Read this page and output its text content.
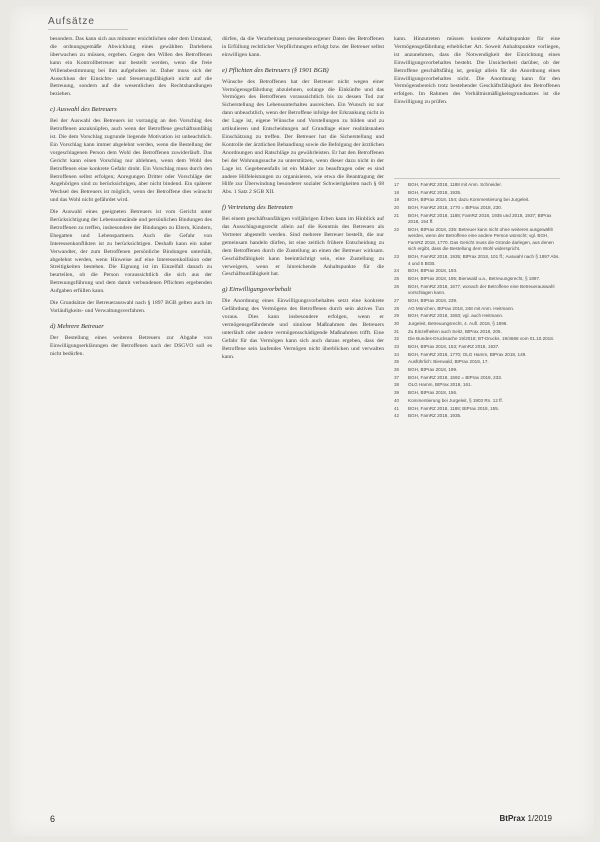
Aufsätze

besonders. Das kann sich aus mitunter ersichtlichen oder dem Umstand, die ordnungsgemäße Abwicklung eines gewählten Darlehens überwachen zu müssen, ergeben. Gegen den Willen des Betroffenen kann ein Kontrollbetreuer nur bestellt werden, wenn die freie Willensbestimmung bei ihm aufgehoben ist. Daher muss sich der Ausschluss der Einsichts- und Steuerungsfähigkeit nicht auf die Betreuung, sondern auf die wesentlichen des Rechtshandlungen beziehen.

c) Auswahl des Betreuers

Bei der Auswahl des Betreuers ist vorrangig an den Vorschlag des Betroffenen anzuknüpfen, auch wenn der Betroffene geschäftsunfähig ist. Die dem Vorschlag zugrunde liegende Motivation ist unbeachtlich. Ein Vorschlag kann immer abgelehnt werden, wenn die Bestellung der vorgeschlagenen Person dem Wohl des Betroffenen zuwiderläuft. Das Gericht kann einen Vorschlag nur ablehnen, wenn dem Wohl des Betroffenen eine konkrete Gefahr droht. Ein Vorschlag muss durch den Betroffenen selbst erfolgen; Anregungen Dritter oder Vorschläge der Angehörigen sind zu berücksichtigen, aber nicht bindend. Ein späterer Wechsel des Betreuers ist möglich, wenn der Betroffene dies wünscht und das Wohl nicht gefährdet wird.

Die Auswahl eines geeigneten Betreuers ist vom Gericht unter Berücksichtigung der Lebensumstände und persönlichen Bindungen des Betroffenen zu treffen, insbesondere der Bindungen zu Eltern, Kindern, Ehegatten und Lebenspartnern. Auch die Gefahr von Interessenkonflikten ist zu berücksichtigen. Deshalb kann ein naher Verwandter, der zum Betroffenen persönliche Bindungen unterhält, abgelehnt werden, wenn Hinweise auf eine Interessenkollision oder Streitigkeiten bestehen. Die Eignung ist im Einzelfall danach zu beurteilen, ob die Person voraussichtlich die sich aus der Betreuungsführung und dem damit verbundenen Pflichten ergebenden Aufgaben erfüllen kann.

Die Grundsätze der Betreuerauswahl nach § 1897 BGB gelten auch im Vorläufigkeits- und Verwaltungsverfahren.

d) Mehrere Betreuer

Der Bestellung eines weiteren Betreuers zur Abgabe von Einwilligungserklärungen der Betroffenen nach der DSGVO soll es nicht bedürfen.

dürfen, da die Verarbeitung personenbezogener Daten des Betroffenen in Erfüllung rechtlicher Verpflichtungen erfolgt bzw. der Betreuer selbst einwilligen kann.

e) Pflichten des Betreuers (§ 1901 BGB)

Wünsche des Betroffenen hat der Betreuer nicht wegen einer Vermögensgefährdung abzulehnen, solange die Einkünfte und das Vermögen des Betroffenen voraussichtlich bis zu dessen Tod zur Sicherstellung des Lebensunterhaltes ausreichen. Ein Wunsch ist nur dann unbeachtlich, wenn der Betroffene infolge der Erkrankung nicht in der Lage ist, eigene Wünsche und Vorstellungen zu bilden und zu artikulieren und Entscheidungen auf Grundlage einer realitätsnahen Einschätzung zu treffen. Der Betreuer hat die Sicherstellung und Kontrolle der ärztlichen Behandlung sowie die Befolgung der ärztlichen Anordnungen und Ratschläge zu gewährleisten. Er hat den Betroffenen bei der Wohnungssuche zu unterstützen, wenn dieser dazu nicht in der Lage ist. Gegebenenfalls ist ein Makler zu beauftragen oder es sind andere Hilfeleistungen zu organisieren, wie etwa die Beantragung der Hilfe zur Überwindung besonderer sozialer Schwierigkeiten nach § 68 Abs. 1 Satz 2 SGB XII.

f) Vertretung des Betreuten

Bei einem geschäftsunfähigen volljährigen Erben kann im Hinblick auf das Ausschlagungsrecht allein auf die Kenntnis des Betreuers als Vertreter abgestellt werden. Sind mehrere Betreuer bestellt, die nur gemeinsam handeln dürfen, ist eine zeitlich frühere Entscheidung zu dem Betroffenen durch die Zustellung an einen der Betreuer wirksam. Geschäftsfähigkeit kann beeinträchtigt sein, eine Zustellung zu verweigern, wenn er hinreichende Anhaltspunkte für die Geschäftsunfähigkeit hat.

g) Einwilligungsvorbehalt

Die Anordnung eines Einwilligungsvorbehaltes setzt eine konkrete Gefährdung des Vermögens des Betroffenen durch sein aktives Tun voraus. Dies kann insbesondere erfolgen, wenn er vermögensgefährdende und sinnlose Maßnahmen des Betreuers unterläuft oder andere vermögensschädigende Maßnahmen trifft. Eine Gefahr für das Vermögen kann sich auch daraus ergeben, dass der Betroffene sein laufendes Vermögen nicht überblicken und verwalten kann.

kann. Hinzutreten müssen konkrete Anhaltspunkte für eine Vermögensgefährdung erheblicher Art. Soweit Anhaltspunkte vorliegen, ist anzunehmen, dass die Notwendigkeit der Einrichtung eines Einwilligungsvorbehaltes besteht. Die Unsicherheit darüber, ob der Betroffene geschäftsfähig ist, genügt allein für die Anordnung eines Einwilligungsvorbehaltes nicht. Die Anordnung kann für den Vermögensbereich trotz bestehender Geschäftsfähigkeit des Betroffenen erfolgen. Im Rahmen des Verhältnismäßigkeitsgrundsatzes ist die Einwilligung zu prüfen.

17	BGH, FamRZ 2018, 1188 mit Anm. Schneider.
18	BGH, FamRZ 2018, 1935.
19	BGH, BtPrax 2018, 154; dazu Kommentierung bei Jurgeleit.
20	BGH, FamRZ 2018, 1770 = BtPrax 2018, 230.
21	BGH, FamRZ 2018, 1188; FamRZ 2018, 1935 und 2018, 1937; BtPrax 2018, 154 ff.
22	BGH, BtPrax 2018, 235: Betreuer kann nicht ohne weiteres ausgewählt werden, wenn der Betroffene eine andere Person wünscht; vgl. BGH, FamRZ 2018, 1770. Das Gericht muss die Gründe darlegen, aus denen sich ergibt, dass die Bestellung dem Wohl widerspricht.
23	BGH, FamRZ 2018, 1935; BtPrax 2018, 101 ff.; Auswahl nach § 1897 Abs. 4 und 5 BGB.
24	BGH, BtPrax 2018, 193.
25	BGH, BtPrax 2018, 195; Bienwald u.a., Betreuungsrecht, § 1897.
26	BGH, FamRZ 2018, 1677, wonach der Betroffene eine Betreuerauswahl vorschlagen kann.
27	BGH, BtPrax 2018, 239.
28	AG München, BtPrax 2018, 248 mit Anm. Heitmann.
29	BGH, FamRZ 2018, 1593; vgl. auch Heitmann.
30	Jurgeleit, Betreuungsrecht, 4. Aufl. 2018, § 1896.
31	Zu Einzelheiten auch Seitz, BtPrax 2018, 205.
32	Die Bundes-Drucksache 19/2018; BT-Drucks. 19/4668 vom 01.10.2018.
33	BGH, BtPrax 2018, 153; FamRZ 2018, 1937.
34	BGH, FamRZ 2018, 1770; OLG Hamm, BtPrax 2018, 149.
35	Ausführlich: Bienwald, BtPrax 2018, 17.
36	BGH, BtPrax 2018, 199.
37	BGH, FamRZ 2018, 1592 = BtPrax 2018, 233.
38	OLG Hamm, BtPrax 2018, 161.
39	BGH, BtPrax 2018, 156.
40	Kommentierung bei Jurgeleit, § 1903 Rn. 12 ff.
41	BGH, FamRZ 2018, 1188; BtPrax 2018, 155.
42	BGH, FamRZ 2018, 1935.
6	BtPrax 1/2019
